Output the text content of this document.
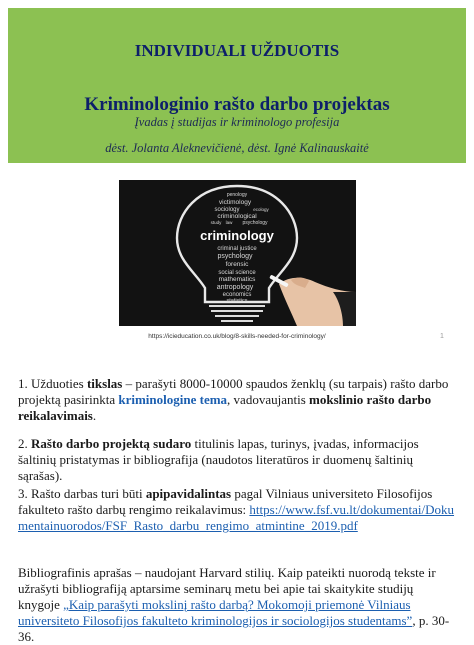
INDIVIDUALI UŽDUOTIS
Kriminologinio rašto darbo projektas
Įvadas į studijas ir kriminologo profesija
dėst. Jolanta Aleknevičienė, dėst. Ignė Kalinauskaitė
penology
victimology
sociology	ecology
criminological
study law psychology
criminology
criminal justice
psychology
forensic
social science
mathematics
antropology
economics
statistics
https://icieducation.co.uk/blog/8-skills-needed-for-criminology/	1
1. Užduoties tikslas – parašyti 8000-10000 spaudos ženklų (su tarpais) rašto darbo projektą pasirinkta kriminologine tema, vadovaujantis mokslinio rašto darbo reikalavimais.
2. Rašto darbo projektą sudaro titulinis lapas, turinys, įvadas, informacijos šaltinių pristatymas ir bibliografija (naudotos literatūros ir duomenų šaltinių sąrašas).
3. Rašto darbas turi būti apipavidalintas pagal Vilniaus universiteto Filosofijos fakulteto rašto darbų rengimo reikalavimus: https://www.fsf.vu.lt/dokumentai/Dokumentainuorodos/FSF_Rasto_darbu_rengimo_atmintine_2019.pdf
Bibliografinis aprašas – naudojant Harvard stilių. Kaip pateikti nuorodą tekste ir užrašyti bibliografiją aptarsime seminarų metu bei apie tai skaitykite studijų knygoje „Kaip parašyti mokslinį rašto darbą? Mokomoji priemonė Vilniaus universiteto Filosofijos fakulteto kriminologijos ir sociologijos studentams”, p. 30-36.
